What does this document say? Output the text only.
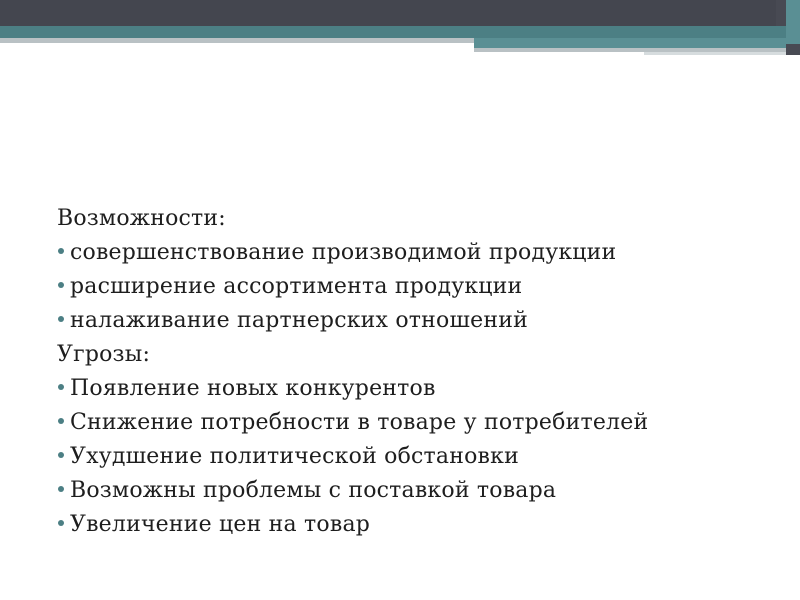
Возможности:
совершенствование производимой продукции
расширение ассортимента продукции
налаживание партнерских отношений
Угрозы:
Появление новых конкурентов
Снижение потребности в товаре у потребителей
Ухудшение политической обстановки
Возможны проблемы с поставкой товара
Увеличение цен на товар
